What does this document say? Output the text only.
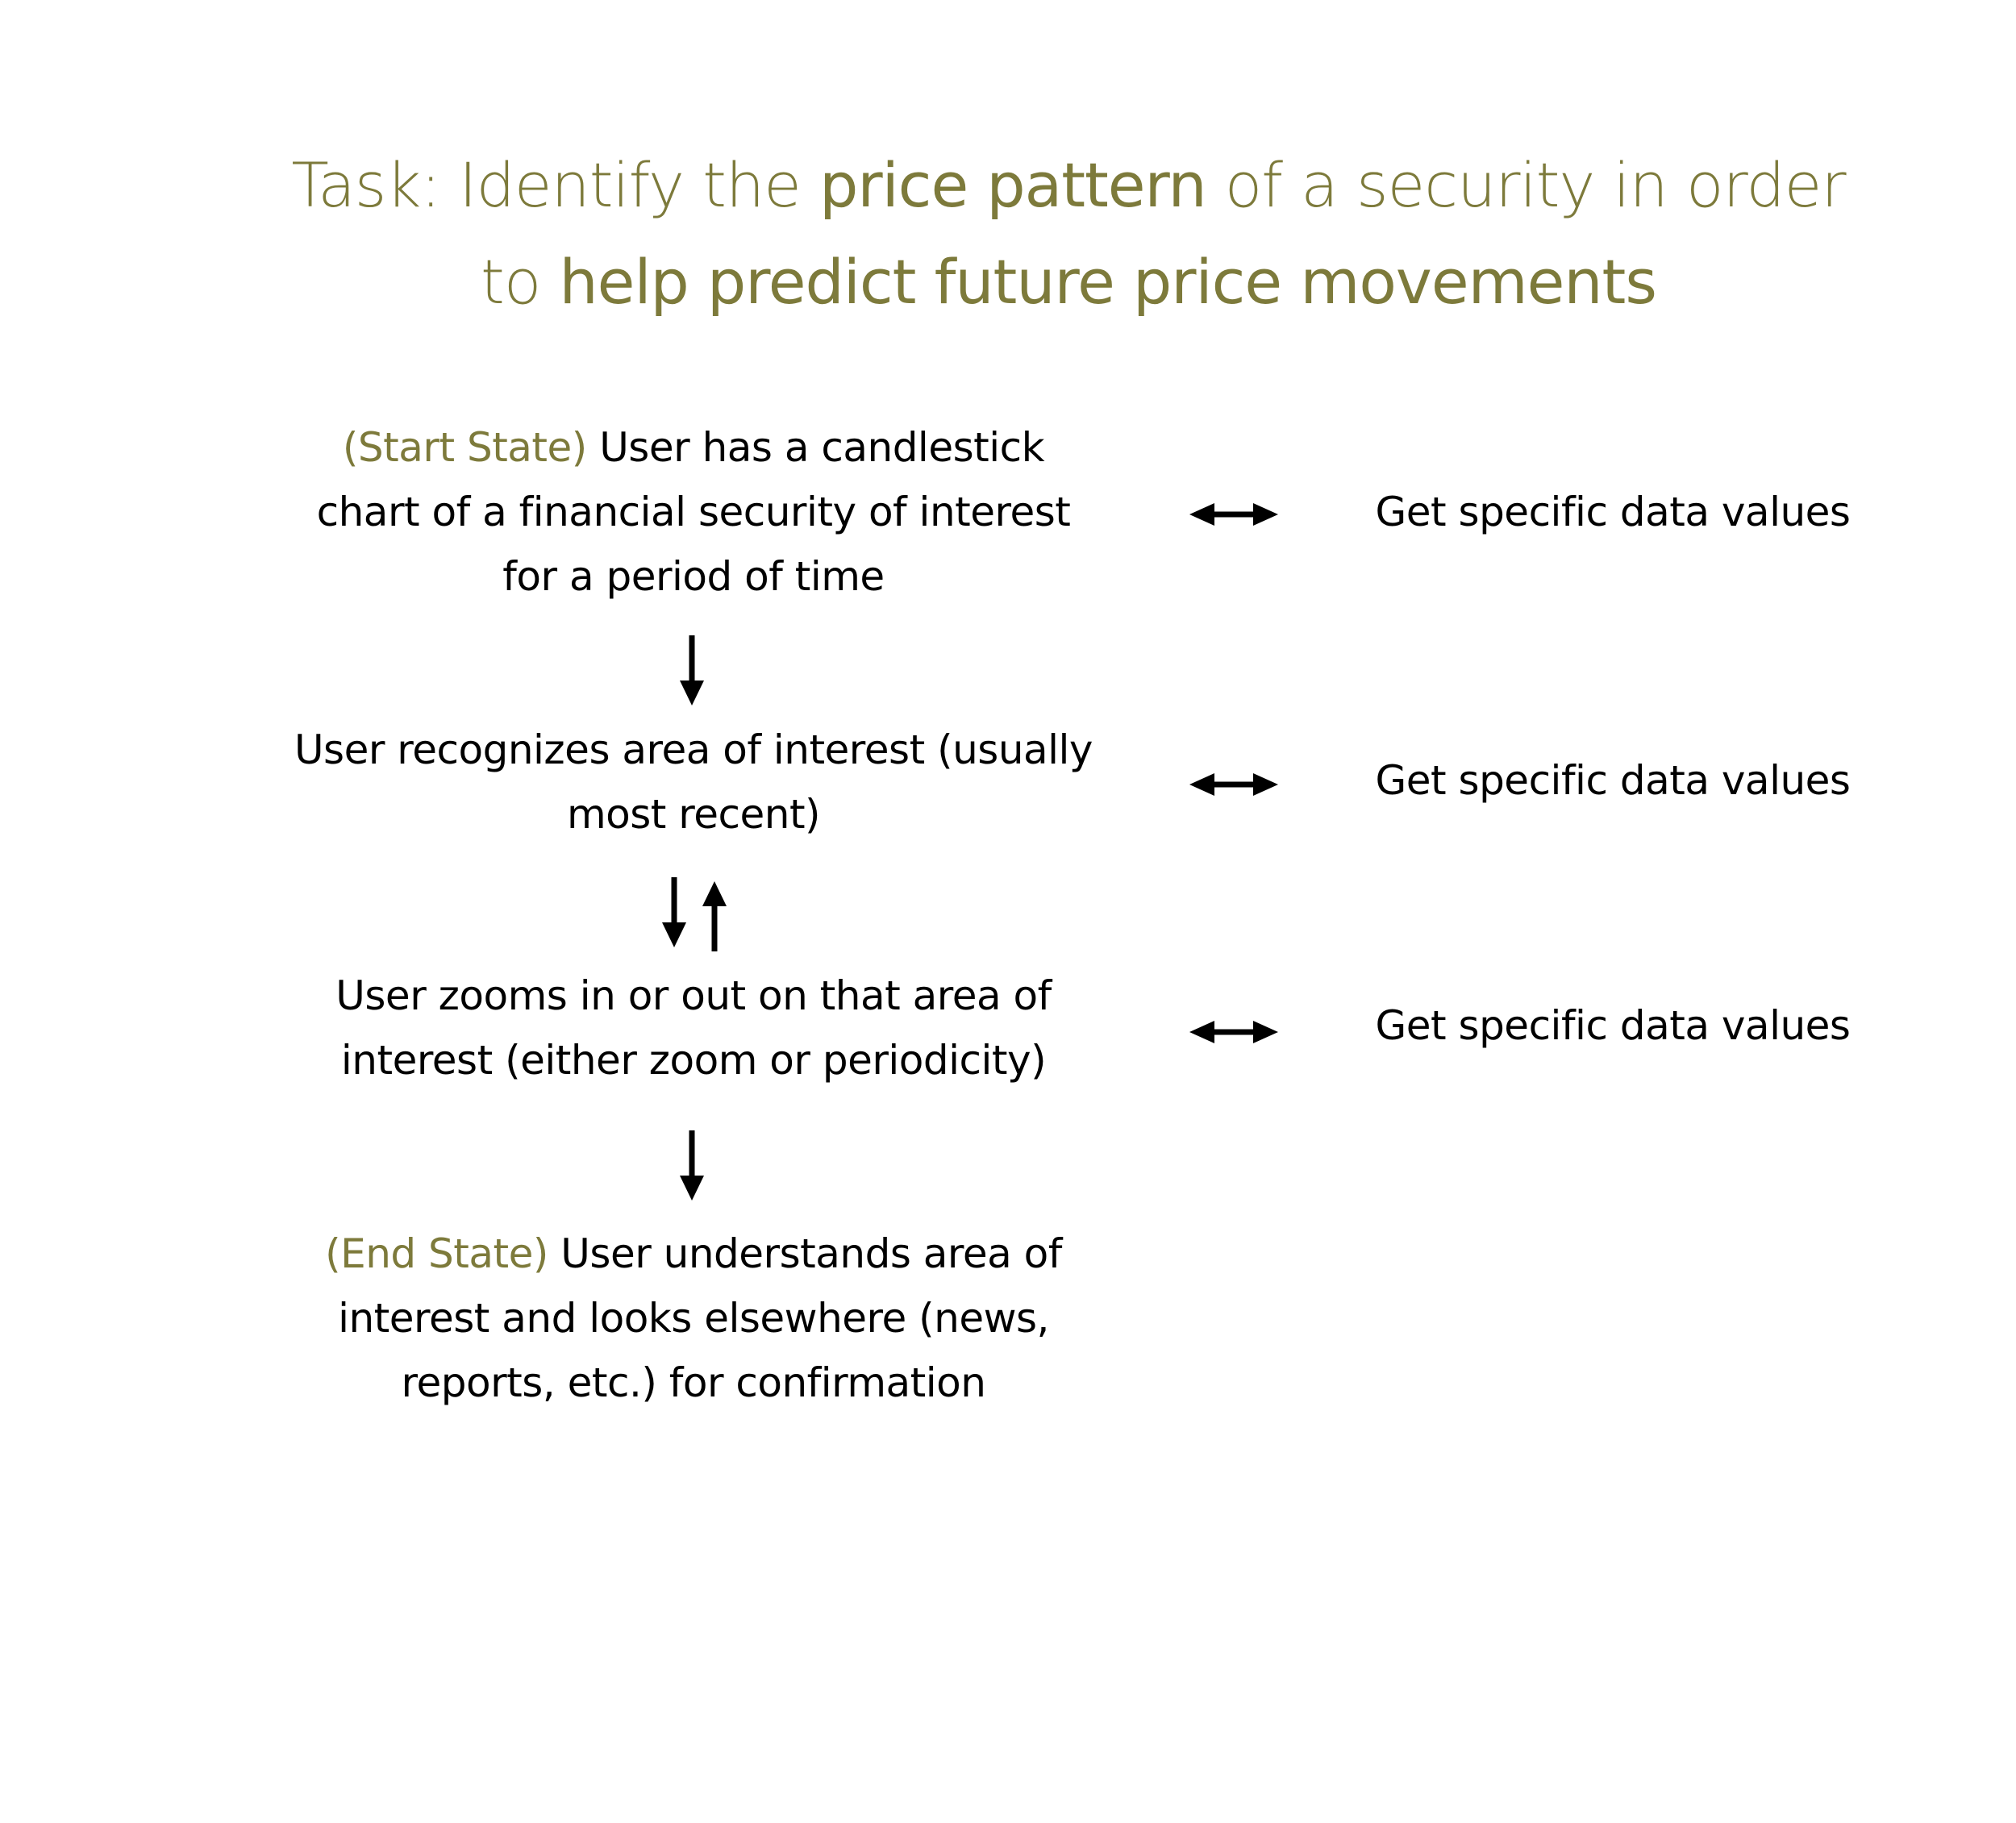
Task: Identify the price pattern of a security in order to help predict future price movements
(Start State) User has a candlestick chart of a financial security of interest for a period of time
User recognizes area of interest (usually most recent)
User zooms in or out on that area of interest (either zoom or periodicity)
(End State) User understands area of interest and looks elsewhere (news, reports, etc.) for confirmation
Get specific data values
Get specific data values
Get specific data values
